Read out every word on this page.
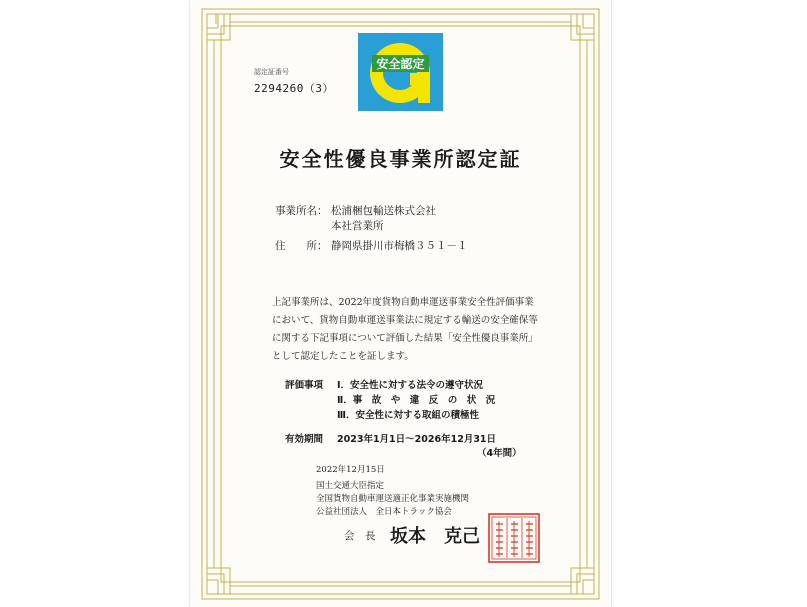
安全認定
認定証番号
2294260（3）
安全性優良事業所認定証
事業所名： 松浦梱包輸送株式会社
本社営業所
住　　所： 静岡県掛川市梅橋３５１－１
上記事業所は、2022年度貨物自動車運送事業安全性評価事業
において、貨物自動車運送事業法に規定する輸送の安全確保等
に関する下記事項について評価した結果「安全性優良事業所」
として認定したことを証します。
評価事項 Ⅰ．安全性に対する法令の遵守状況
Ⅱ．事　故　や　違　反　の　状　況
Ⅲ．安全性に対する取組の積極性
有効期間 2023年1月1日～2026年12月31日
（4年間）
2022年12月15日
国土交通大臣指定
全国貨物自動車運送適正化事業実施機関
公益社団法人　全日本トラック協会
会　長 坂本　克己
